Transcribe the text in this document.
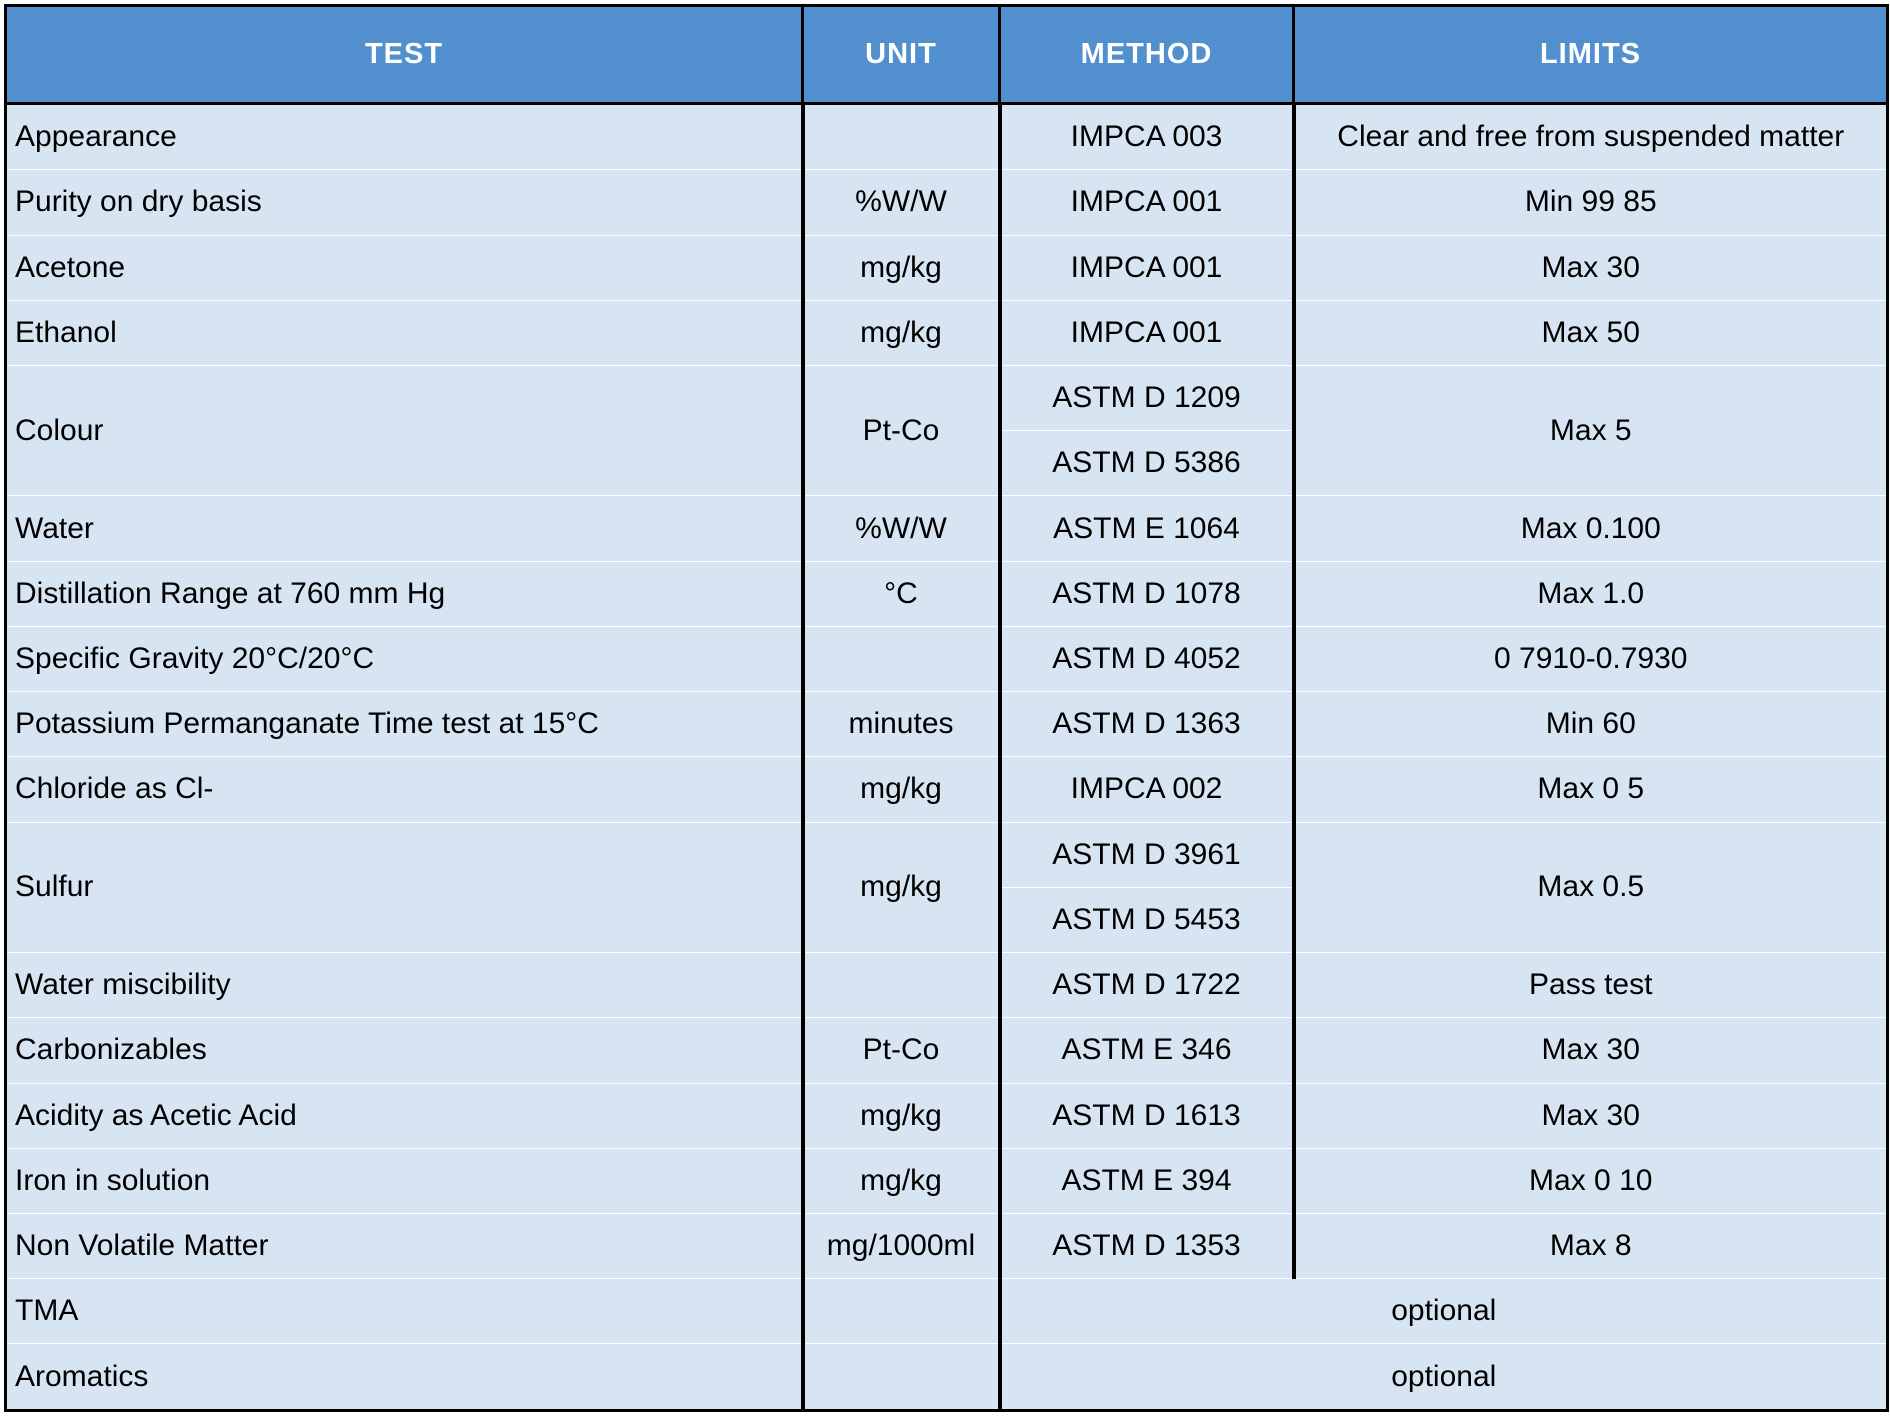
TEST	UNIT	METHOD	LIMITS
Appearance		IMPCA 003	Clear and free from suspended matter
Purity on dry basis	%W/W	IMPCA 001	Min 99 85
Acetone	mg/kg	IMPCA 001	Max 30
Ethanol	mg/kg	IMPCA 001	Max 50
Colour	Pt-Co	ASTM D 1209	Max 5
		ASTM D 5386	
Water	%W/W	ASTM E 1064	Max 0.100
Distillation Range at 760 mm Hg	°C	ASTM D 1078	Max 1.0
Specific Gravity 20°C/20°C		ASTM D 4052	0 7910-0.7930
Potassium Permanganate Time test at 15°C	minutes	ASTM D 1363	Min 60
Chloride as Cl-	mg/kg	IMPCA 002	Max 0 5
Sulfur	mg/kg	ASTM D 3961	Max 0.5
		ASTM D 5453	
Water miscibility		ASTM D 1722	Pass test
Carbonizables	Pt-Co	ASTM E 346	Max 30
Acidity as Acetic Acid	mg/kg	ASTM D 1613	Max 30
Iron in solution	mg/kg	ASTM E 394	Max 0 10
Non Volatile Matter	mg/1000ml	ASTM D 1353	Max 8
TMA		optional	
Aromatics		optional	
